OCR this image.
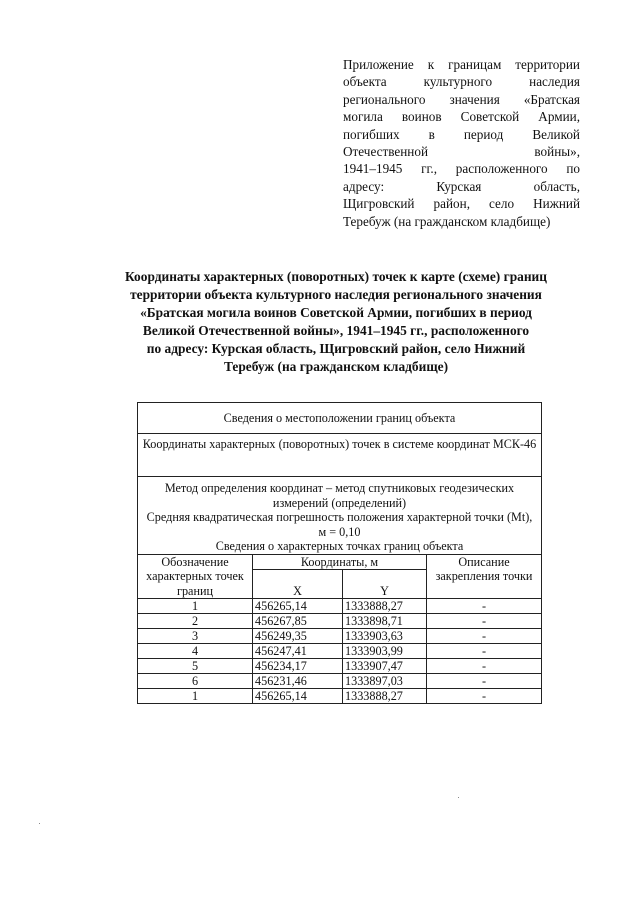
Приложение к границам территории
объекта культурного наследия
регионального значения «Братская
могила воинов Советской Армии,
погибших в период Великой
Отечественной войны»,
1941–1945 гг., расположенного по
адресу: Курская область,
Щигровский район, село Нижний
Теребуж (на гражданском кладбище)
Координаты характерных (поворотных) точек к карте (схеме) границ
территории объекта культурного наследия регионального значения
«Братская могила воинов Советской Армии, погибших в период
Великой Отечественной войны», 1941–1945 гг., расположенного
по адресу: Курская область, Щигровский район, село Нижний
Теребуж (на гражданском кладбище)
Сведения о местоположении границ объекта			
Координаты характерных (поворотных) точек в системе координат МСК-46			

Метод определения координат – метод спутниковых геодезических измерений (определений)
Средняя квадратическая погрешность положения характерной точки (Mt), м = 0,10
Сведения о характерных точках границ объекта			

Обозначение характерных точек границ	Координаты, м		Описание закрепления точки
	X	Y	
1	456265,14	1333888,27	-
2	456267,85	1333898,71	-
3	456249,35	1333903,63	-
4	456247,41	1333903,99	-
5	456234,17	1333907,47	-
6	456231,46	1333897,03	-
1	456265,14	1333888,27	-
